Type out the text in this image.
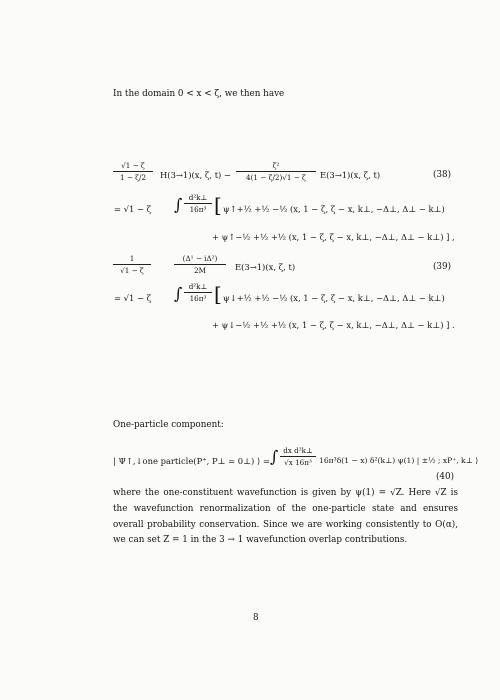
In the domain 0 < x < ζ, we then have
√1 − ζ
1 − ζ/2	H(3→1)(x, ζ, t) −
ζ²
4(1 − ζ/2)√1 − ζ	E(3→1)(x, ζ, t)	(38)
= √1 − ζ ∫ d²k⊥
16π³ [ ψ↑+½ +½ −½ (x, 1 − ζ, ζ − x, k⊥, −Δ⊥, Δ⊥ − k⊥)
+ ψ↑−½ +½ +½ (x, 1 − ζ, ζ − x, k⊥, −Δ⊥, Δ⊥ − k⊥) ] ,
1
√1 − ζ
(Δ¹ − iΔ²)
2M	E(3→1)(x, ζ, t)	(39)
= √1 − ζ ∫ d²k⊥
16π³ [ ψ↓+½ +½ −½ (x, 1 − ζ, ζ − x, k⊥, −Δ⊥, Δ⊥ − k⊥)
+ ψ↓−½ +½ +½ (x, 1 − ζ, ζ − x, k⊥, −Δ⊥, Δ⊥ − k⊥) ] .
One-particle component:
| Ψ↑,↓one particle(P⁺, P⊥ = 0⊥) ⟩ = ∫ dx d²k⊥
√x 16π³ 16π³δ(1 − x) δ²(k⊥) ψ(1) | ±½ ; xP⁺, k⊥ ⟩
(40)
where the one-constituent wavefunction is given by ψ(1) = √Z. Here √Z is the wavefunction renormalization of the one-particle state and ensures overall probability conservation. Since we are working consistently to O(α), we can set Z = 1 in the 3 → 1 wavefunction overlap contributions.
8
